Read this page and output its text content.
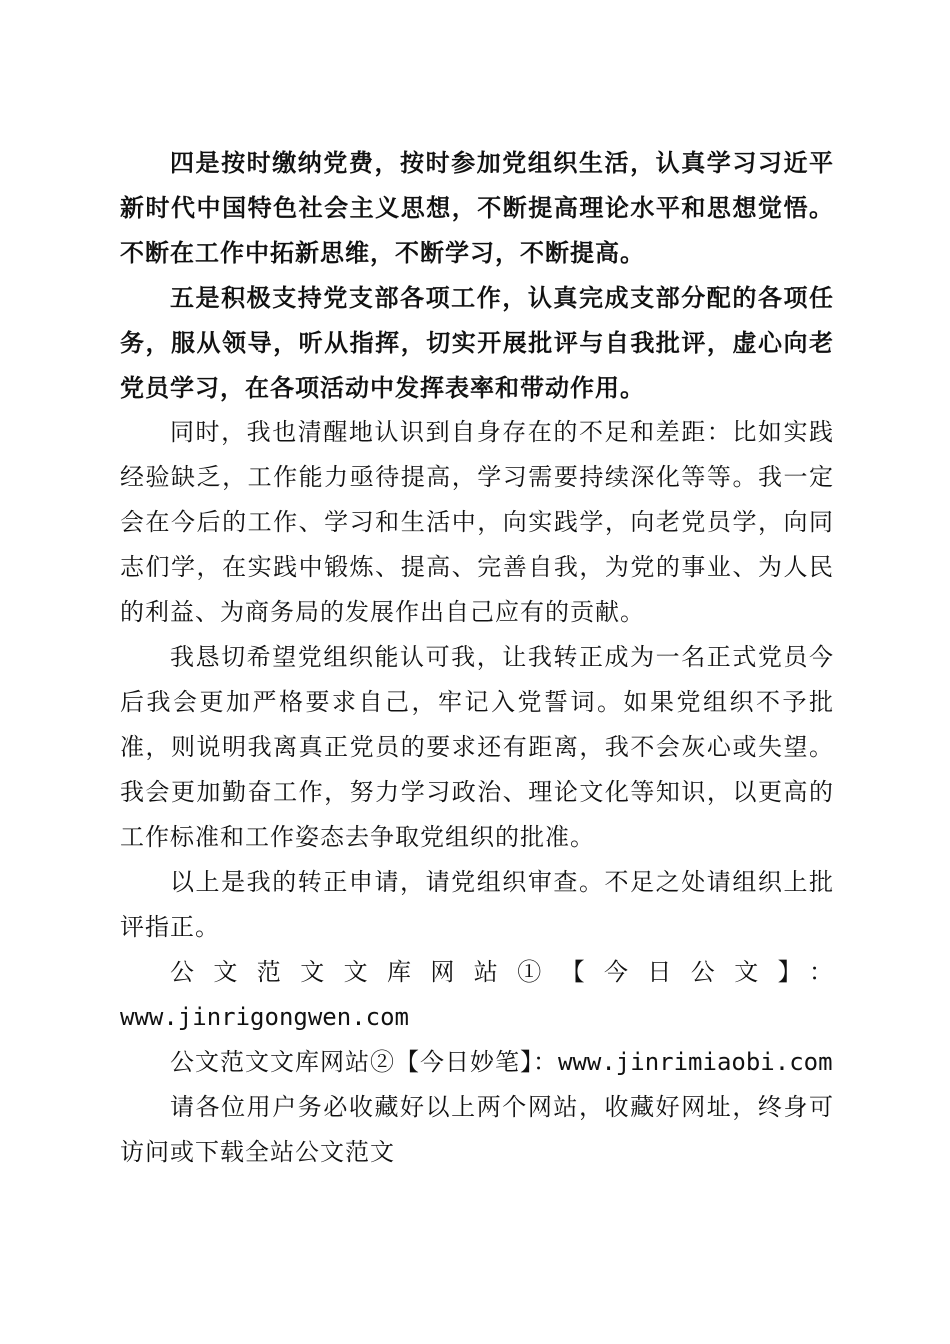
四是按时缴纳党费，按时参加党组织生活，认真学习习近平新时代中国特色社会主义思想，不断提高理论水平和思想觉悟。不断在工作中拓新思维，不断学习，不断提高。

五是积极支持党支部各项工作，认真完成支部分配的各项任务，服从领导，听从指挥，切实开展批评与自我批评，虚心向老党员学习，在各项活动中发挥表率和带动作用。

同时，我也清醒地认识到自身存在的不足和差距：比如实践经验缺乏，工作能力亟待提高，学习需要持续深化等等。我一定会在今后的工作、学习和生活中，向实践学，向老党员学，向同志们学，在实践中锻炼、提高、完善自我，为党的事业、为人民的利益、为商务局的发展作出自己应有的贡献。

我恳切希望党组织能认可我，让我转正成为一名正式党员今后我会更加严格要求自己，牢记入党誓词。如果党组织不予批准，则说明我离真正党员的要求还有距离，我不会灰心或失望。我会更加勤奋工作，努力学习政治、理论文化等知识，以更高的工作标准和工作姿态去争取党组织的批准。

以上是我的转正申请，请党组织审查。不足之处请组织上批评指正。

公文范文文库网站①【今日公文】：

www.jinrigongwen.com

公文范文文库网站②【今日妙笔】：www.jinrimiaobi.com

请各位用户务必收藏好以上两个网站，收藏好网址，终身可访问或下载全站公文范文
